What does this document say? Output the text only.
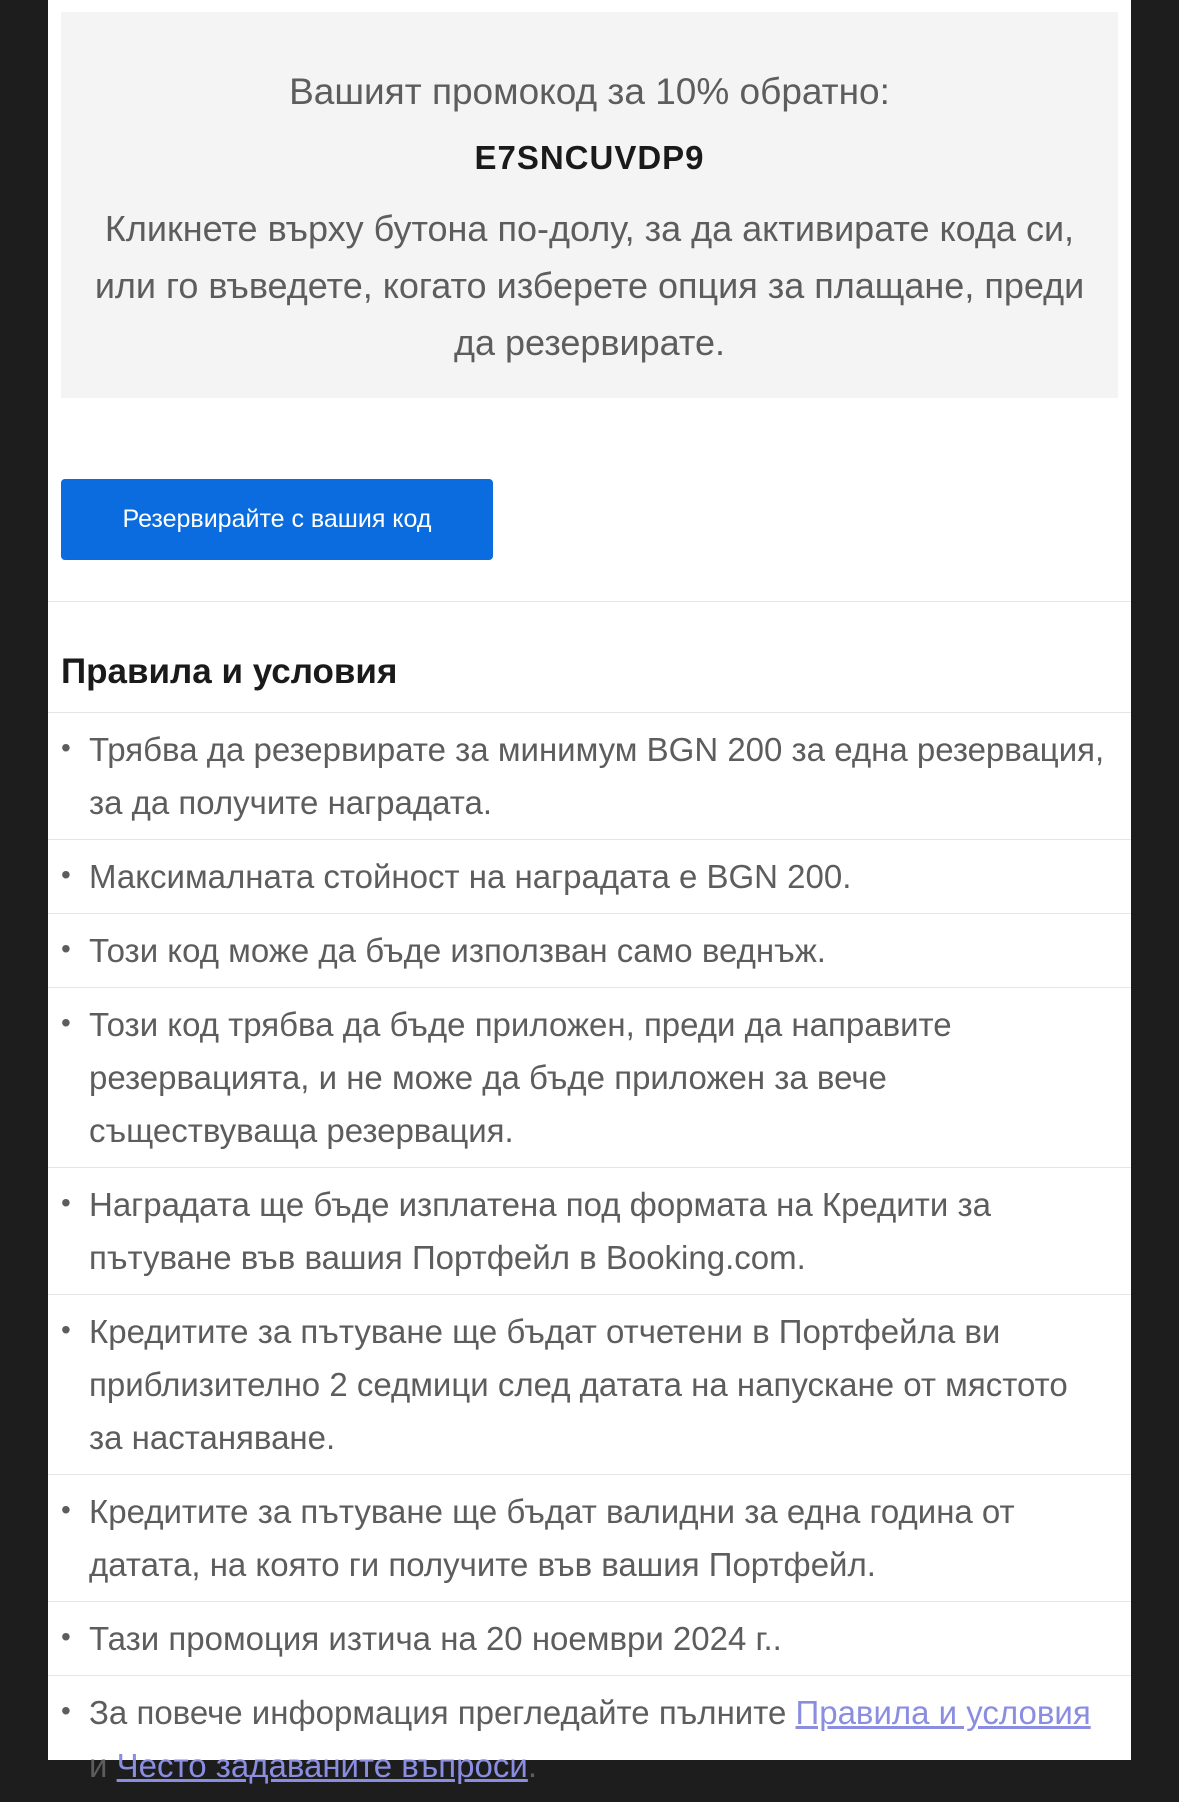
Вашият промокод за 10% обратно:
E7SNCUVDP9
Кликнете върху бутона по-долу, за да активирате кода си, или го въведете, когато изберете опция за плащане, преди да резервирате.
Резервирайте с вашия код
Правила и условия
• Трябва да резервирате за минимум BGN 200 за една резервация, за да получите наградата.
• Максималната стойност на наградата е BGN 200.
• Този код може да бъде използван само веднъж.
• Този код трябва да бъде приложен, преди да направите резервацията, и не може да бъде приложен за вече съществуваща резервация.
• Наградата ще бъде изплатена под формата на Кредити за пътуване във вашия Портфейл в Booking.com.
• Кредитите за пътуване ще бъдат отчетени в Портфейла ви приблизително 2 седмици след датата на напускане от мястото за настаняване.
• Кредитите за пътуване ще бъдат валидни за една година от датата, на която ги получите във вашия Портфейл.
• Тази промоция изтича на 20 ноември 2024 г..
• За повече информация прегледайте пълните Правила и условия и Често задаваните въпроси.
